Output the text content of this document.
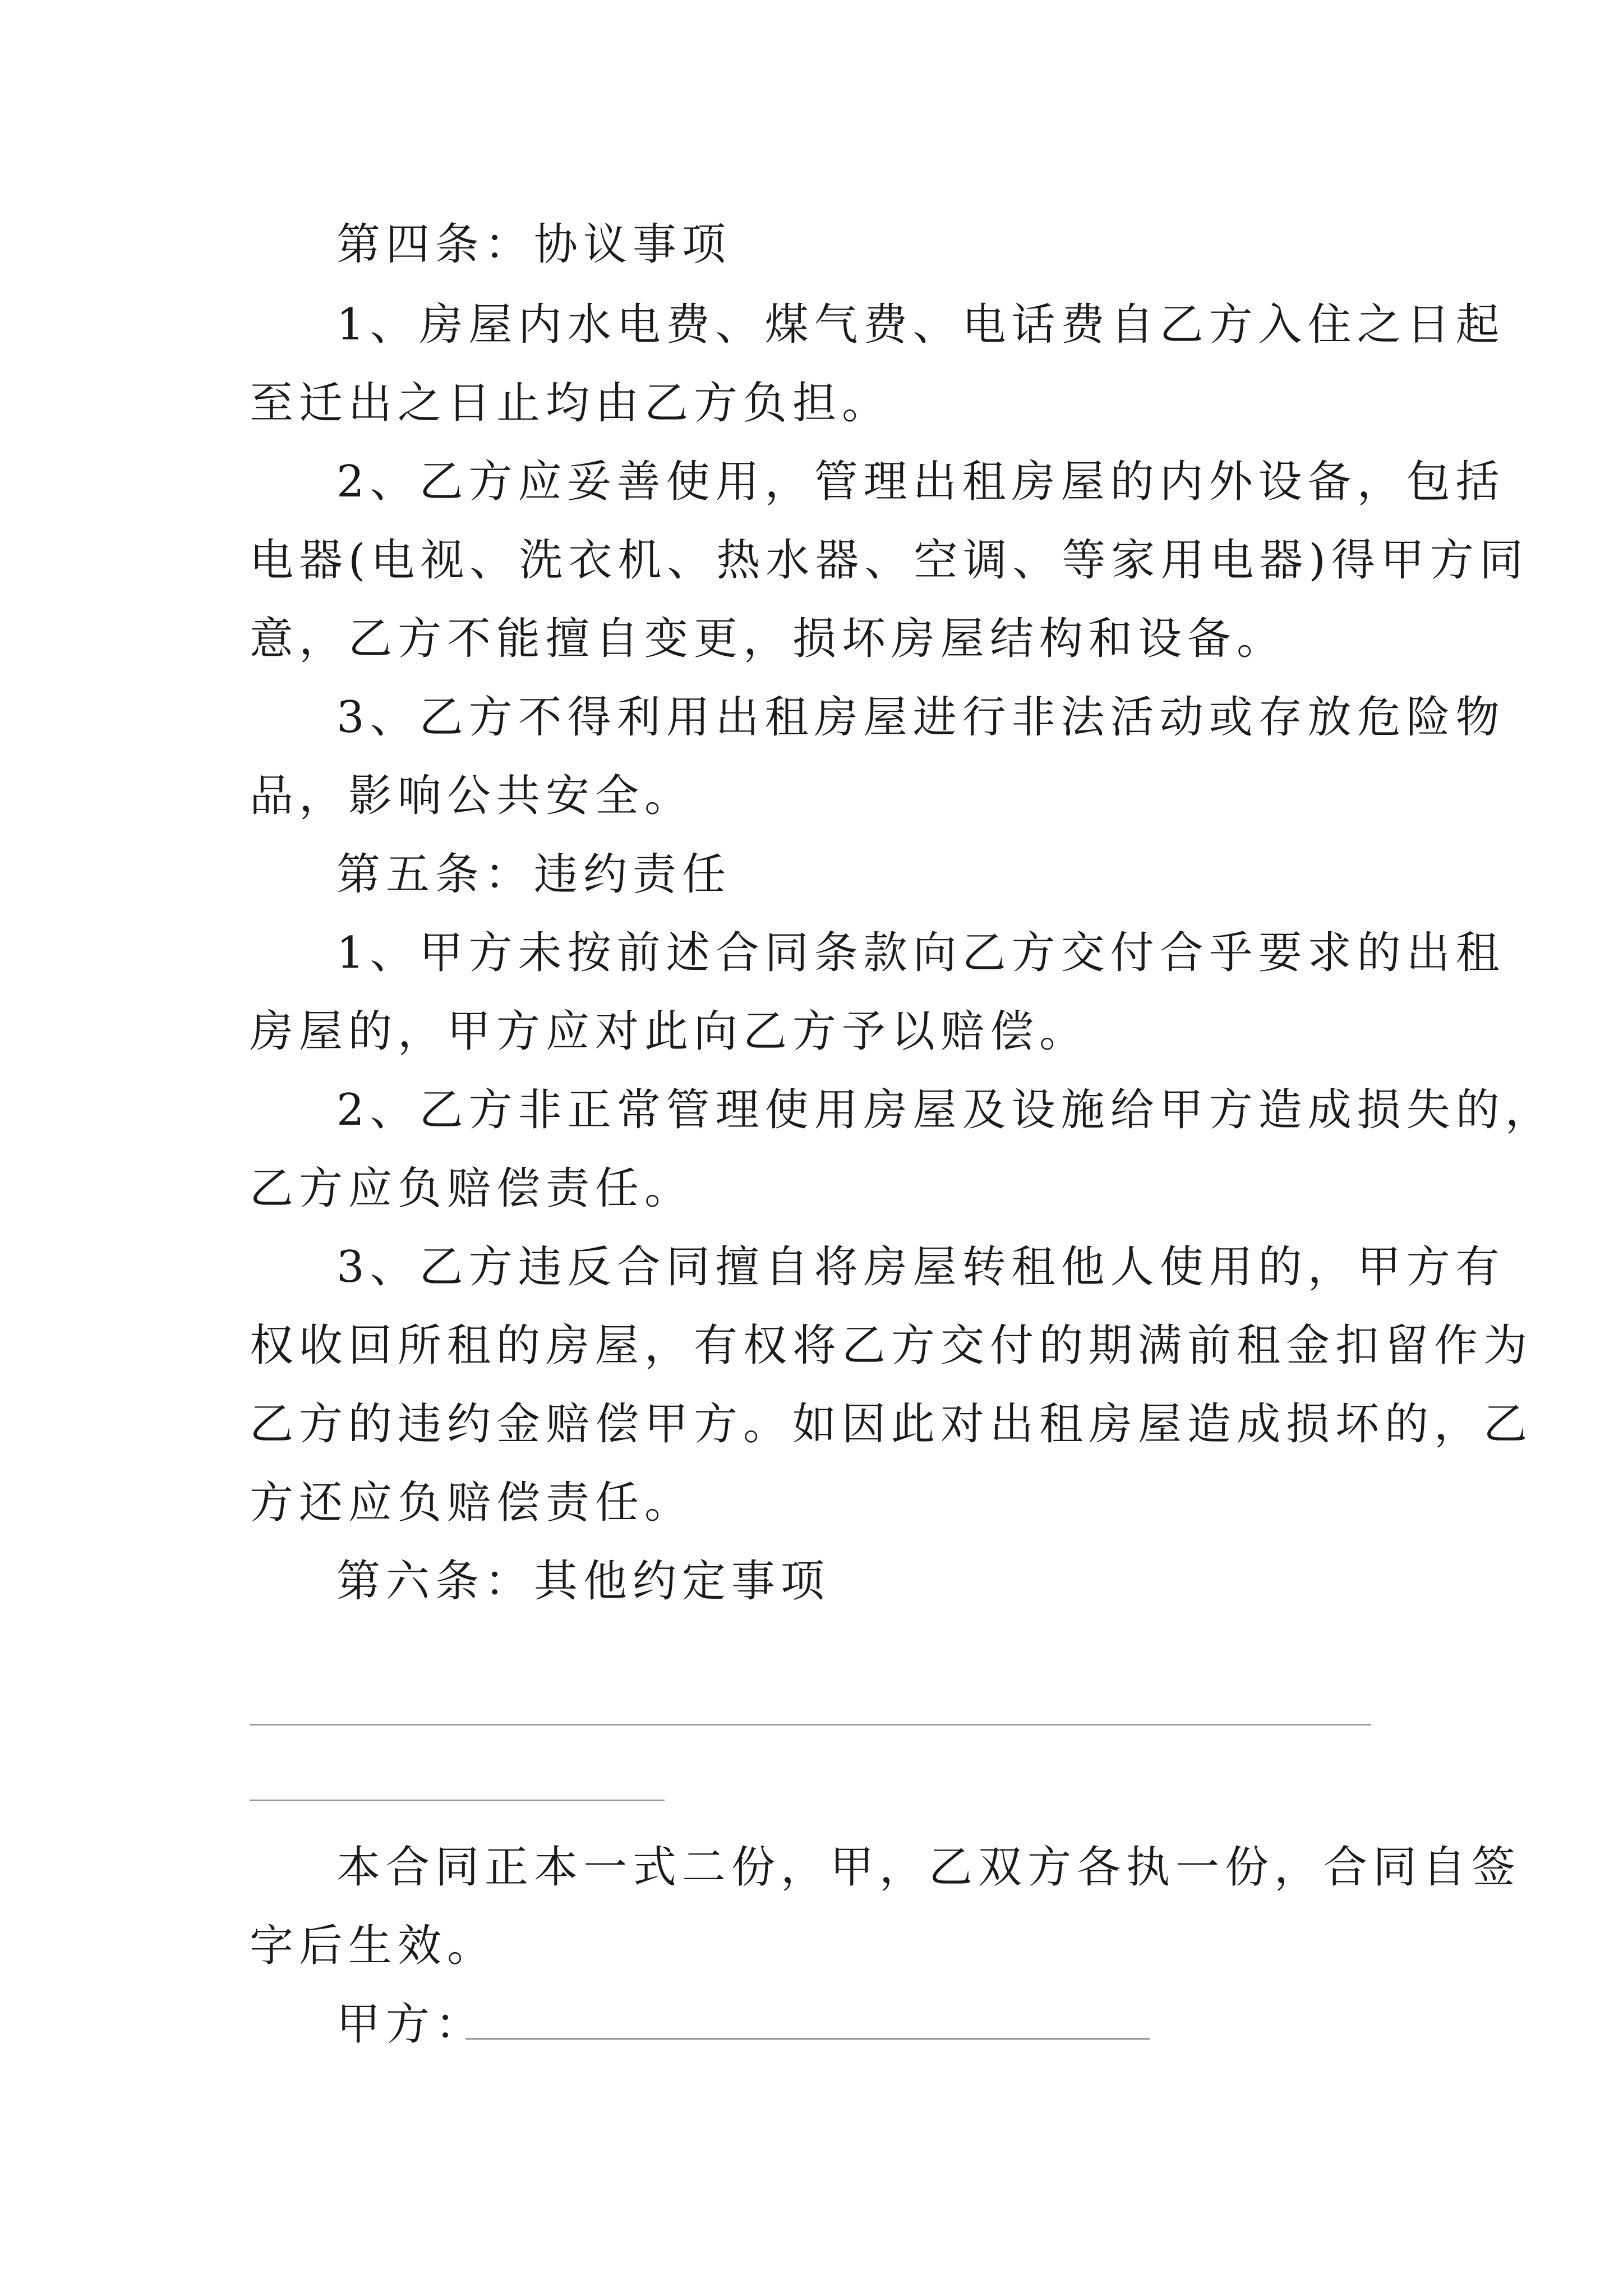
第四条：协议事项
1、房屋内水电费、煤气费、电话费自乙方入住之日起
至迁出之日止均由乙方负担。
2、乙方应妥善使用，管理出租房屋的内外设备，包括
电器(电视、洗衣机、热水器、空调、等家用电器)得甲方同
意，乙方不能擅自变更，损坏房屋结构和设备。
3、乙方不得利用出租房屋进行非法活动或存放危险物
品，影响公共安全。
第五条：违约责任
1、甲方未按前述合同条款向乙方交付合乎要求的出租
房屋的，甲方应对此向乙方予以赔偿。
2、乙方非正常管理使用房屋及设施给甲方造成损失的，
乙方应负赔偿责任。
3、乙方违反合同擅自将房屋转租他人使用的，甲方有
权收回所租的房屋，有权将乙方交付的期满前租金扣留作为
乙方的违约金赔偿甲方。如因此对出租房屋造成损坏的，乙
方还应负赔偿责任。
第六条：其他约定事项
本合同正本一式二份，甲，乙双方各执一份，合同自签
字后生效。
甲方：
